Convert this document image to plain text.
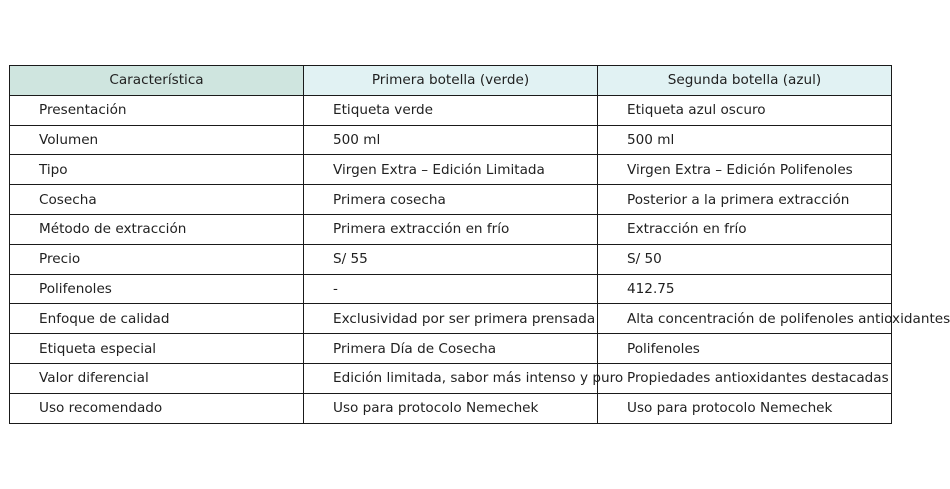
Característica	Primera botella (verde)	Segunda botella (azul)
Presentación	Etiqueta verde	Etiqueta azul oscuro
Volumen	500 ml	500 ml
Tipo	Virgen Extra – Edición Limitada	Virgen Extra – Edición Polifenoles
Cosecha	Primera cosecha	Posterior a la primera extracción
Método de extracción	Primera extracción en frío	Extracción en frío
Precio	S/ 55	S/ 50
Polifenoles	-	412.75
Enfoque de calidad	Exclusividad por ser primera prensada	Alta concentración de polifenoles antioxidantes
Etiqueta especial	Primera Día de Cosecha	Polifenoles
Valor diferencial	Edición limitada, sabor más intenso y puro	Propiedades antioxidantes destacadas
Uso recomendado	Uso para protocolo Nemechek	Uso para protocolo Nemechek
